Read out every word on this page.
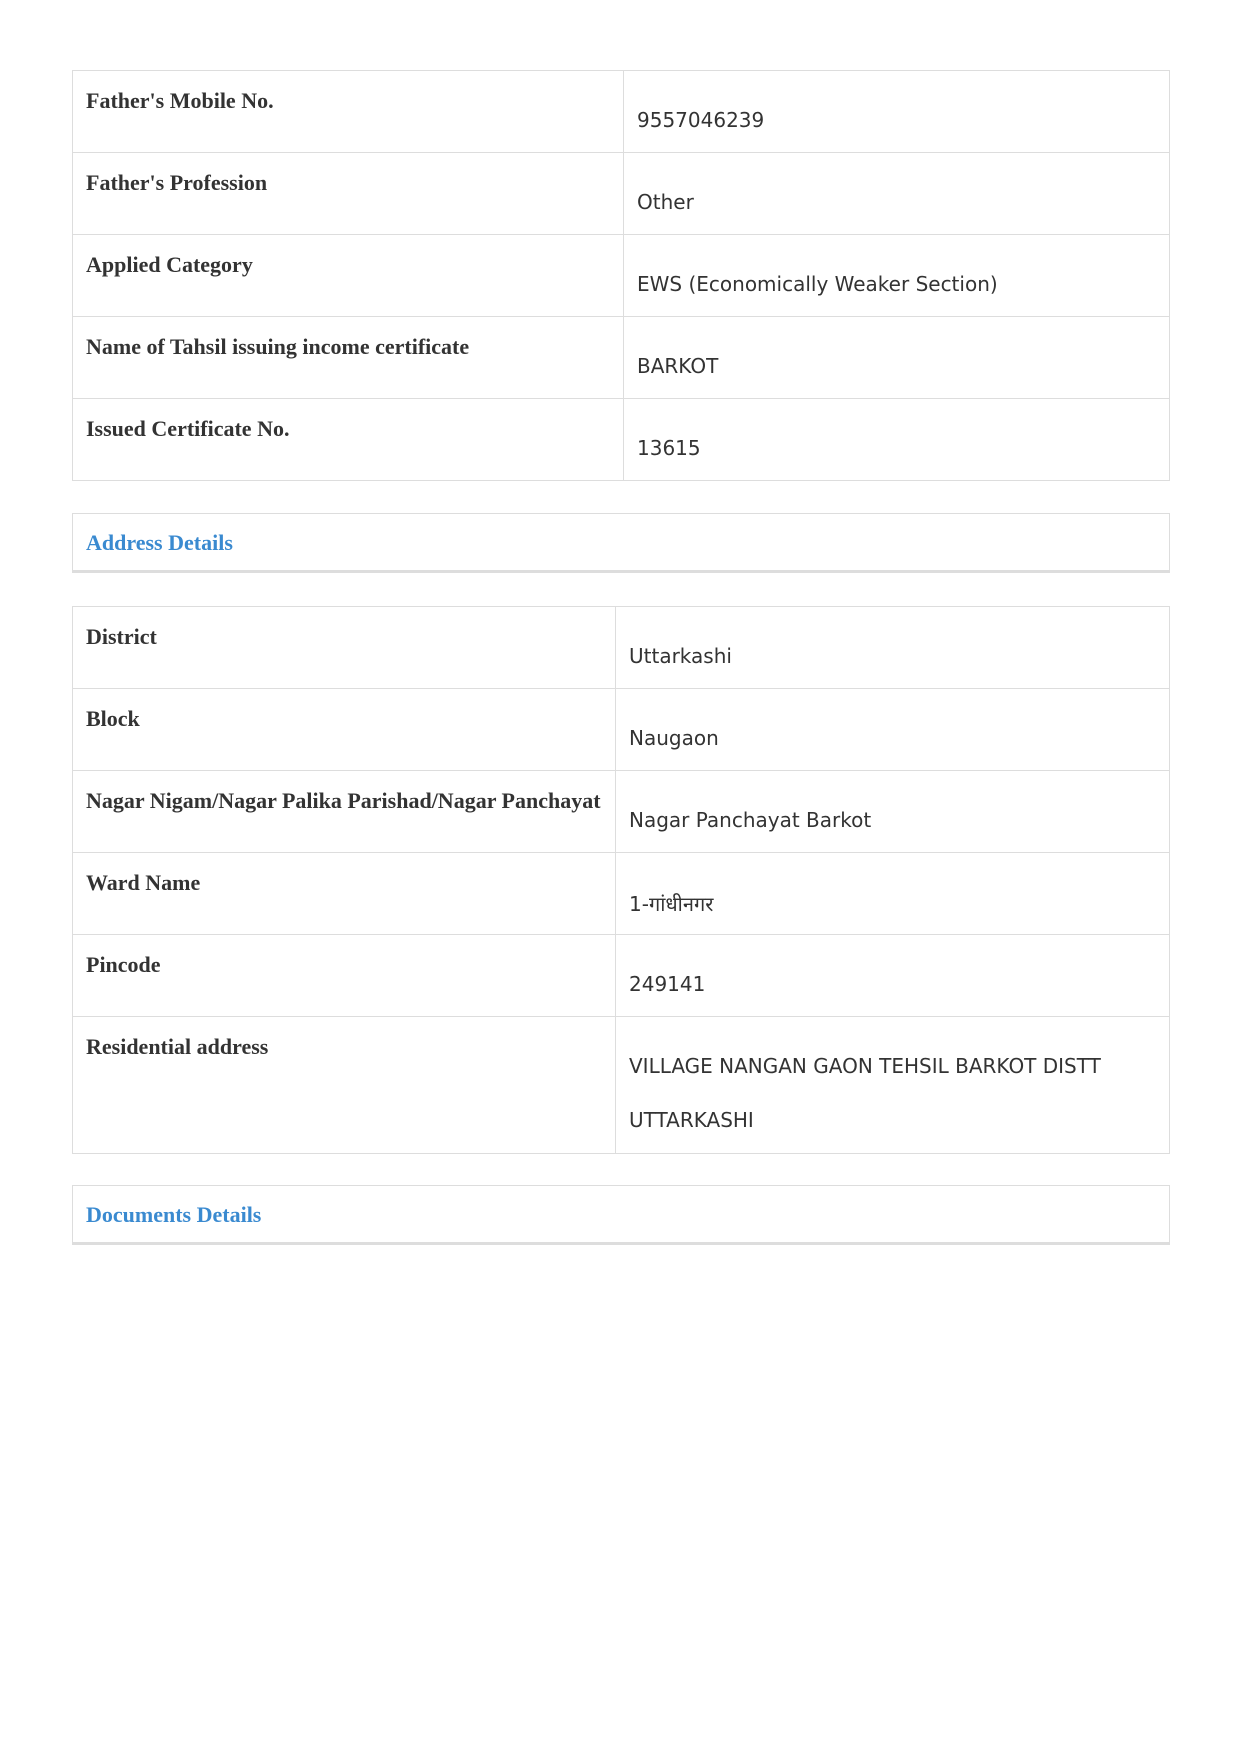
Father's Mobile No.	9557046239
Father's Profession	Other
Applied Category	EWS (Economically Weaker Section)
Name of Tahsil issuing income certificate	BARKOT
Issued Certificate No.	13615
Address Details
District	Uttarkashi
Block	Naugaon
Nagar Nigam/Nagar Palika Parishad/Nagar Panchayat	Nagar Panchayat Barkot
Ward Name	1-गांधीनगर
Pincode	249141
Residential address	VILLAGE NANGAN GAON TEHSIL BARKOT DISTT
UTTARKASHI
Documents Details
